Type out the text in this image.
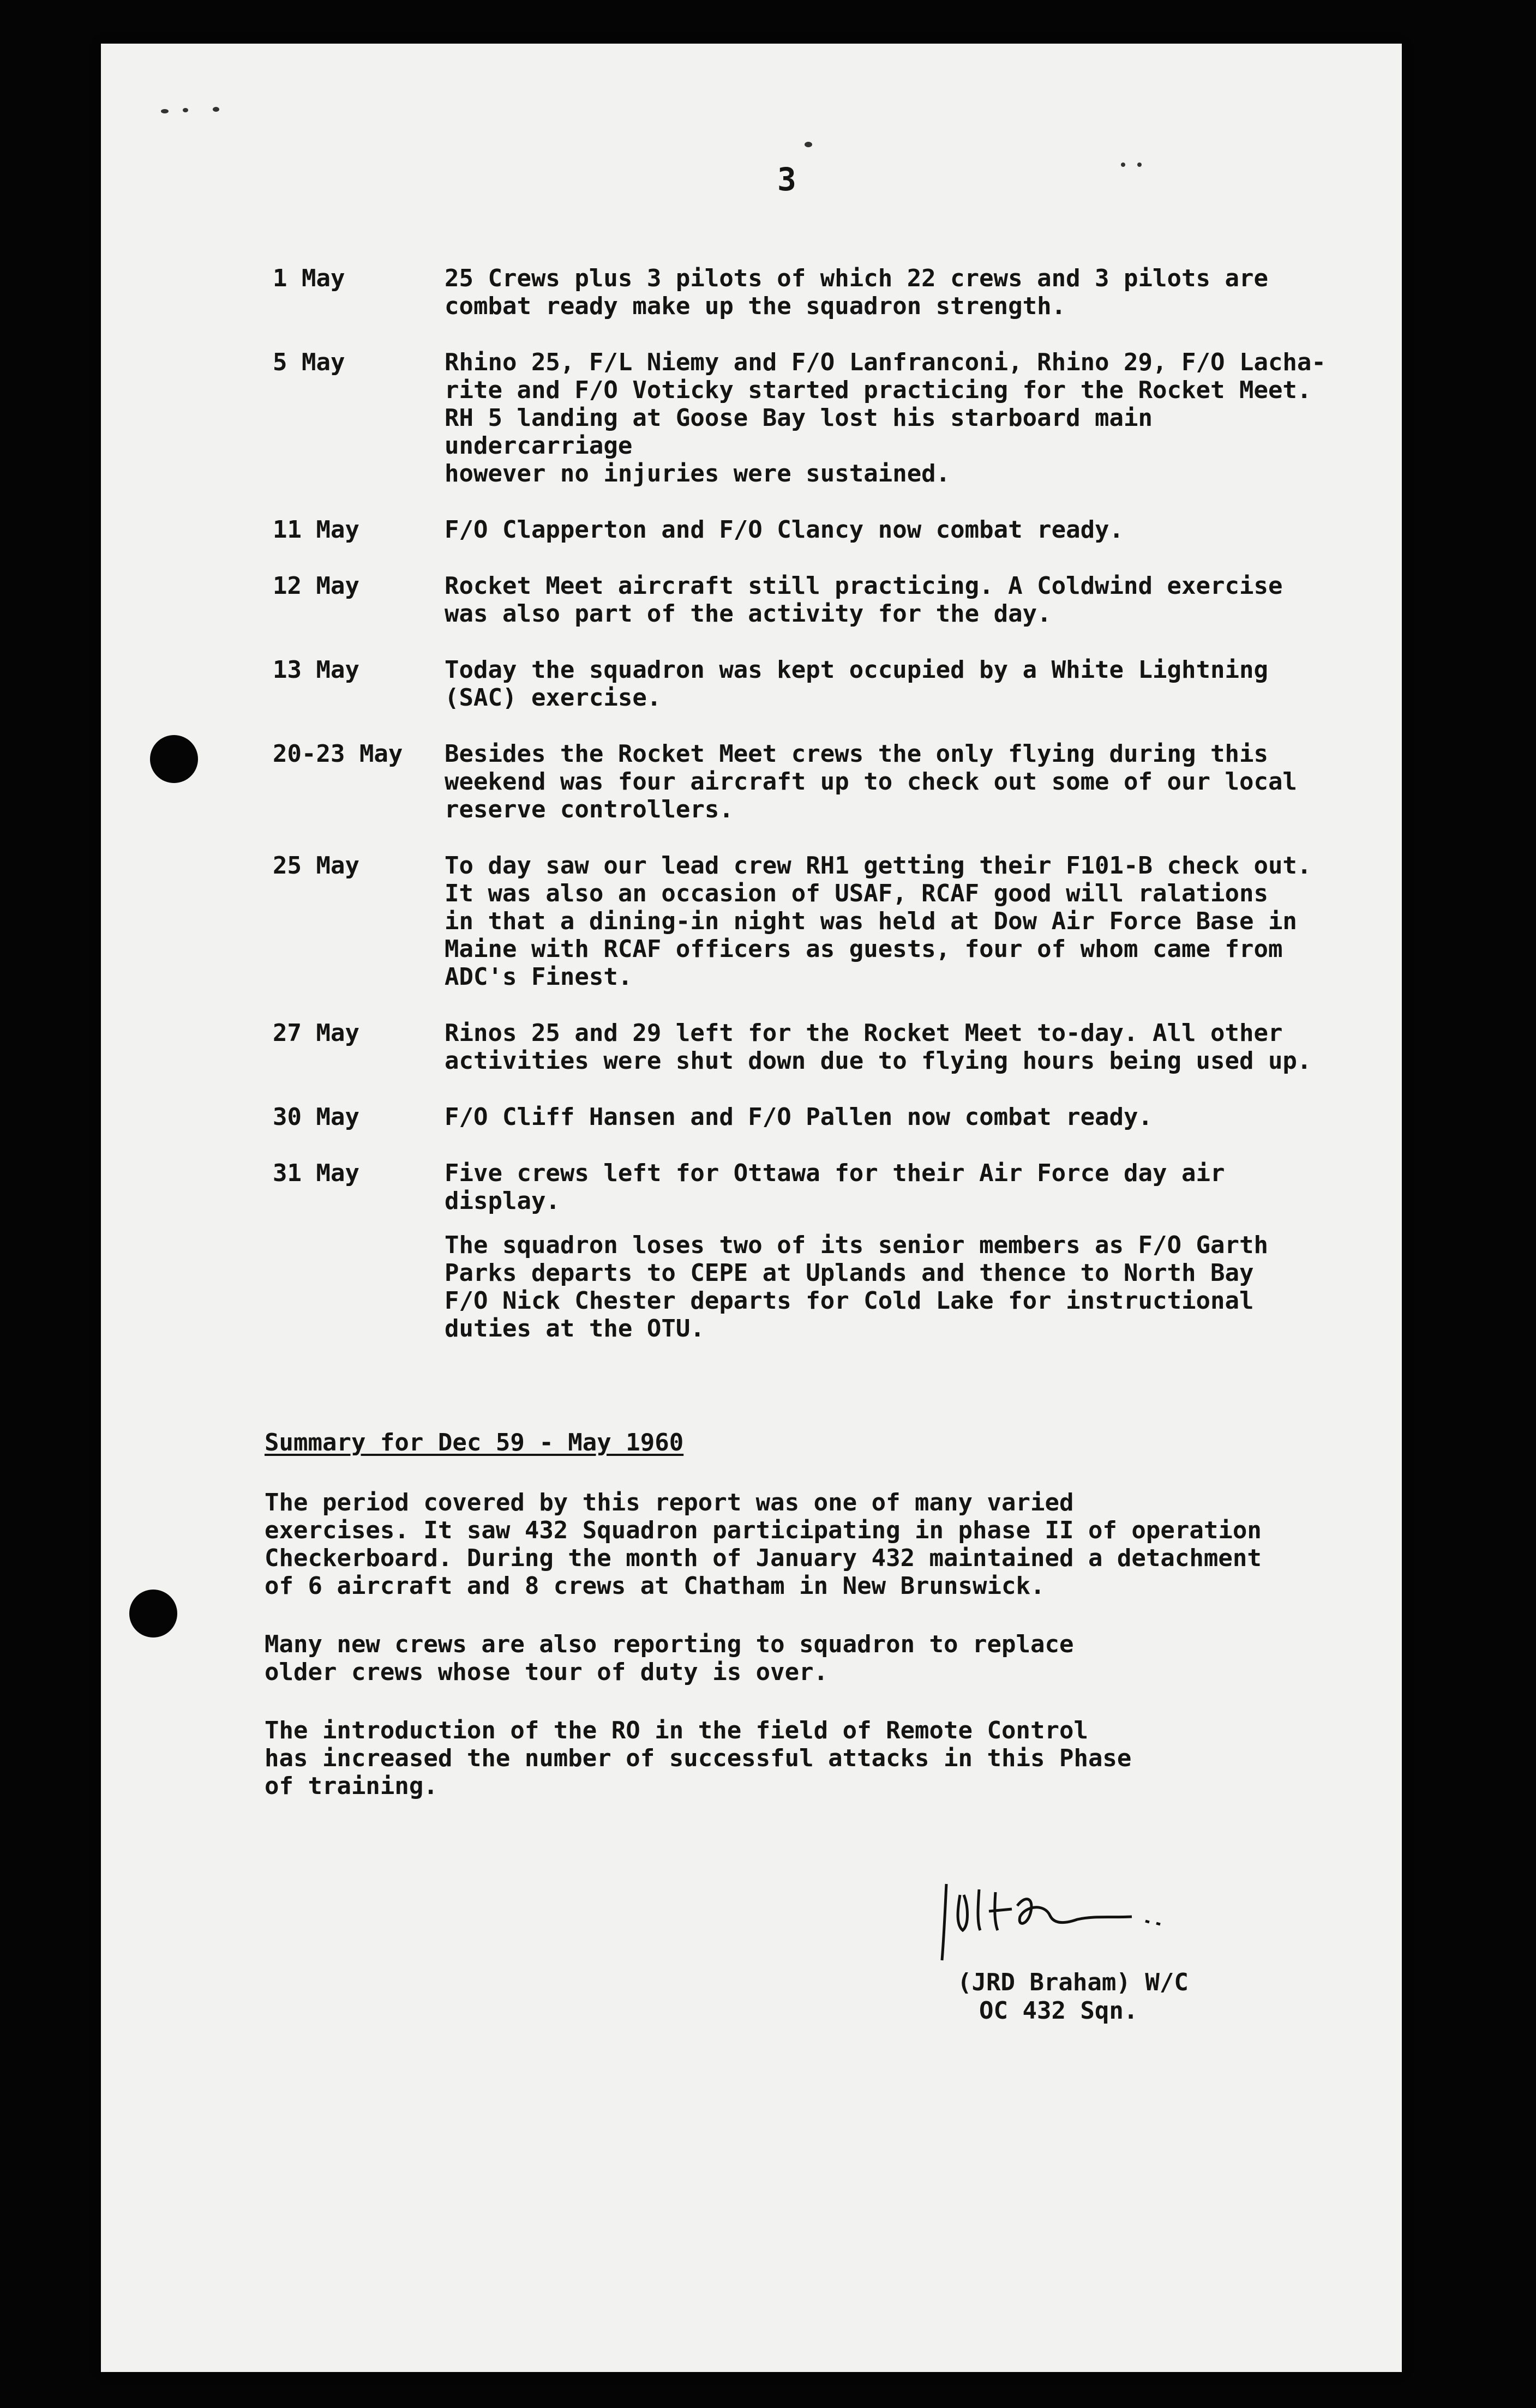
3
1 May	25 Crews plus 3 pilots of which 22 crews and 3 pilots are
combat ready make up the squadron strength.
5 May	Rhino 25, F/L Niemy and F/O Lanfranconi, Rhino 29, F/O Lacha-
rite and F/O Voticky started practicing for the Rocket Meet.
RH 5 landing at Goose Bay lost his starboard main undercarriage
however no injuries were sustained.
11 May	F/O Clapperton and F/O Clancy now combat ready.
12 May	Rocket Meet aircraft still practicing. A Coldwind exercise
was also part of the activity for the day.
13 May	Today the squadron was kept occupied by a White Lightning
(SAC) exercise.
20-23 May	Besides the Rocket Meet crews the only flying during this
weekend was four aircraft up to check out some of our local
reserve controllers.
25 May	To day saw our lead crew RH1 getting their F101-B check out.
It was also an occasion of USAF, RCAF good will ralations
in that a dining-in night was held at Dow Air Force Base in
Maine with RCAF officers as guests, four of whom came from
ADC's Finest.
27 May	Rinos 25 and 29 left for the Rocket Meet to-day. All other
activities were shut down due to flying hours being used up.
30 May	F/O Cliff Hansen and F/O Pallen now combat ready.
31 May	Five crews left for Ottawa for their Air Force day air
display.
The squadron loses two of its senior members as F/O Garth
Parks departs to CEPE at Uplands and thence to North Bay
F/O Nick Chester departs for Cold Lake for instructional
duties at the OTU.
Summary for Dec 59 - May 1960

The period covered by this report was one of many varied
exercises. It saw 432 Squadron participating in phase II of operation
Checkerboard. During the month of January 432 maintained a detachment
of 6 aircraft and 8 crews at Chatham in New Brunswick.

Many new crews are also reporting to squadron to replace
older crews whose tour of duty is over.

The introduction of the RO in the field of Remote Control
has increased the number of successful attacks in this Phase
of training.

(JRD Braham) W/C
OC 432 Sqn.
